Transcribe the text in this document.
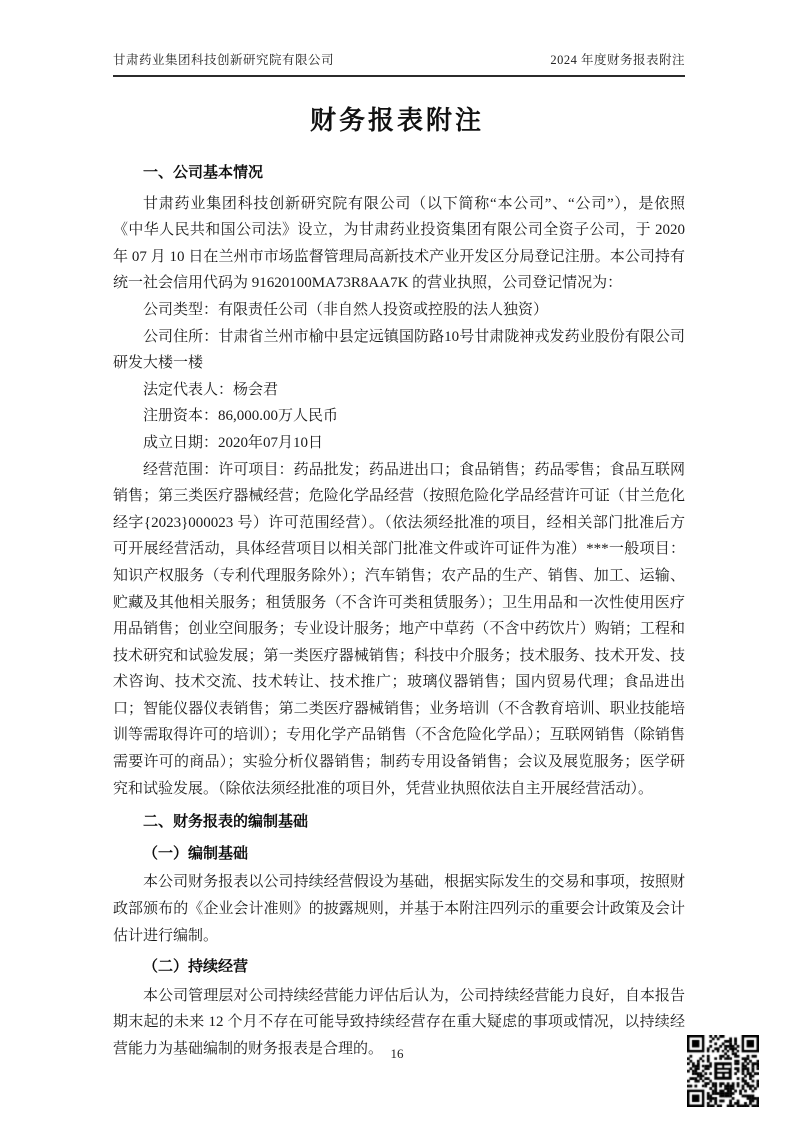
甘肃药业集团科技创新研究院有限公司	2024 年度财务报表附注
财务报表附注
一、公司基本情况

甘肃药业集团科技创新研究院有限公司（以下简称“本公司”、“公司”），是依照《中华人民共和国公司法》设立，为甘肃药业投资集团有限公司全资子公司，于 2020 年 07 月 10 日在兰州市市场监督管理局高新技术产业开发区分局登记注册。本公司持有统一社会信用代码为 91620100MA73R8AA7K 的营业执照，公司登记情况为：

公司类型：有限责任公司（非自然人投资或控股的法人独资）

公司住所：甘肃省兰州市榆中县定远镇国防路10号甘肃陇神戎发药业股份有限公司研发大楼一楼

法定代表人：杨会君

注册资本：86,000.00万人民币

成立日期：2020年07月10日

经营范围：许可项目：药品批发；药品进出口；食品销售；药品零售；食品互联网销售；第三类医疗器械经营；危险化学品经营（按照危险化学品经营许可证（甘兰危化经字{2023}000023 号）许可范围经营）。（依法须经批准的项目，经相关部门批准后方可开展经营活动，具体经营项目以相关部门批准文件或许可证件为准）***一般项目：知识产权服务（专利代理服务除外）；汽车销售；农产品的生产、销售、加工、运输、贮藏及其他相关服务；租赁服务（不含许可类租赁服务）；卫生用品和一次性使用医疗用品销售；创业空间服务；专业设计服务；地产中草药（不含中药饮片）购销；工程和技术研究和试验发展；第一类医疗器械销售；科技中介服务；技术服务、技术开发、技术咨询、技术交流、技术转让、技术推广；玻璃仪器销售；国内贸易代理；食品进出口；智能仪器仪表销售；第二类医疗器械销售；业务培训（不含教育培训、职业技能培训等需取得许可的培训）；专用化学产品销售（不含危险化学品）；互联网销售（除销售需要许可的商品）；实验分析仪器销售；制药专用设备销售；会议及展览服务；医学研究和试验发展。（除依法须经批准的项目外，凭营业执照依法自主开展经营活动）。

二、财务报表的编制基础
（一）编制基础

本公司财务报表以公司持续经营假设为基础，根据实际发生的交易和事项，按照财政部颁布的《企业会计准则》的披露规则，并基于本附注四列示的重要会计政策及会计估计进行编制。

（二）持续经营

本公司管理层对公司持续经营能力评估后认为，公司持续经营能力良好，自本报告期末起的未来 12 个月不存在可能导致持续经营存在重大疑虑的事项或情况，以持续经营能力为基础编制的财务报表是合理的。 16
